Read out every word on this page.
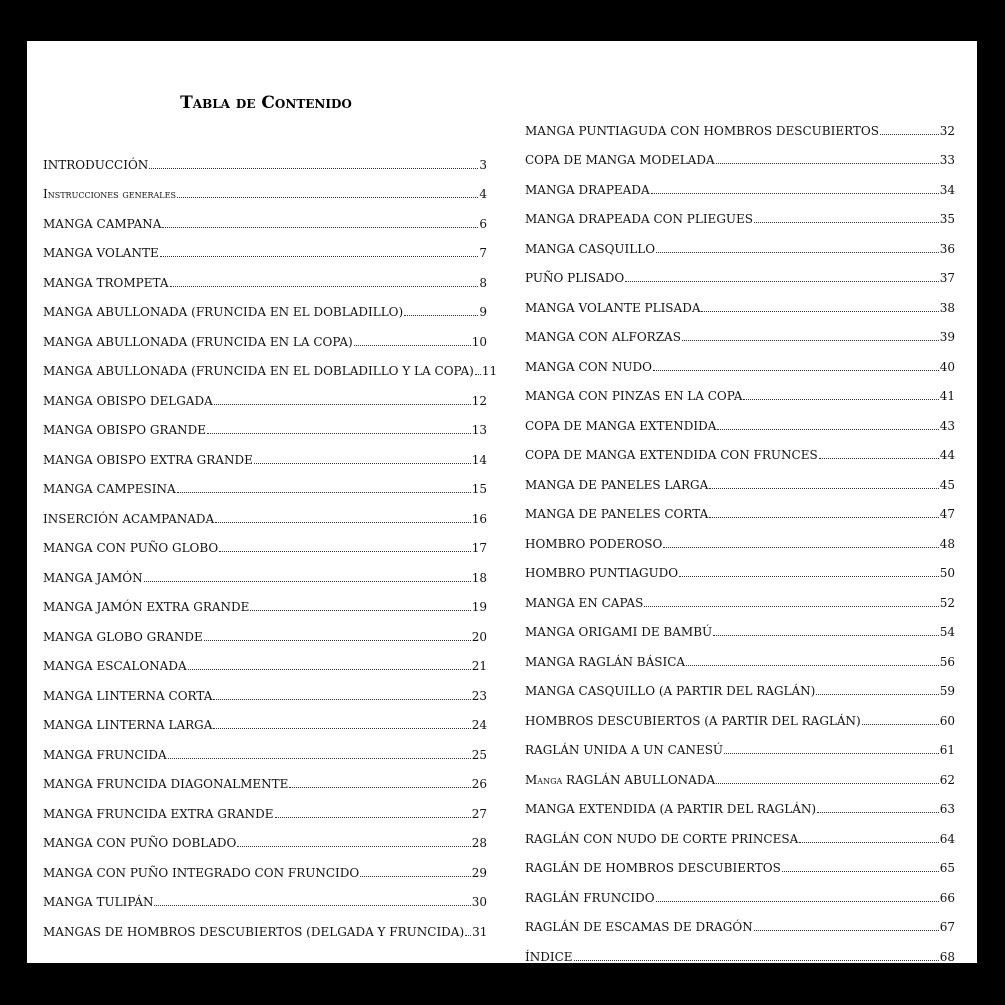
Tabla de Contenido
INTRODUCCIÓN	3
Instrucciones generales	4
MANGA CAMPANA	6
MANGA VOLANTE	7
MANGA TROMPETA	8
MANGA ABULLONADA (FRUNCIDA EN EL DOBLADILLO)	9
MANGA ABULLONADA (FRUNCIDA EN LA COPA)	10
MANGA ABULLONADA (FRUNCIDA EN EL DOBLADILLO Y LA COPA) 11
MANGA OBISPO DELGADA	12
MANGA OBISPO GRANDE	13
MANGA OBISPO EXTRA GRANDE	14
MANGA CAMPESINA	15
INSERCIÓN ACAMPANADA	16
MANGA CON PUÑO GLOBO	17
MANGA JAMÓN	18
MANGA JAMÓN EXTRA GRANDE	19
MANGA GLOBO GRANDE	20
MANGA ESCALONADA	21
MANGA LINTERNA CORTA	23
MANGA LINTERNA LARGA	24
MANGA FRUNCIDA	25
MANGA FRUNCIDA DIAGONALMENTE	26
MANGA FRUNCIDA EXTRA GRANDE	27
MANGA CON PUÑO DOBLADO	28
MANGA CON PUÑO INTEGRADO CON FRUNCIDO	29
MANGA TULIPÁN	30
MANGAS DE HOMBROS DESCUBIERTOS (DELGADA Y FRUNCIDA) 31
MANGA PUNTIAGUDA CON HOMBROS DESCUBIERTOS	32
COPA DE MANGA MODELADA	33
MANGA DRAPEADA	34
MANGA DRAPEADA CON PLIEGUES	35
MANGA CASQUILLO	36
PUÑO PLISADO	37
MANGA VOLANTE PLISADA	38
MANGA CON ALFORZAS	39
MANGA CON NUDO	40
MANGA CON PINZAS EN LA COPA	41
COPA DE MANGA EXTENDIDA	43
COPA DE MANGA EXTENDIDA CON FRUNCES	44
MANGA DE PANELES LARGA	45
MANGA DE PANELES CORTA	47
HOMBRO PODEROSO	48
HOMBRO PUNTIAGUDO	50
MANGA EN CAPAS	52
MANGA ORIGAMI DE BAMBÚ	54
MANGA RAGLÁN BÁSICA	56
MANGA CASQUILLO (A PARTIR DEL RAGLÁN)	59
HOMBROS DESCUBIERTOS (A PARTIR DEL RAGLÁN)	60
RAGLÁN UNIDA A UN CANESÚ	61
Manga RAGLÁN ABULLONADA	62
MANGA EXTENDIDA (A PARTIR DEL RAGLÁN)	63
RAGLÁN CON NUDO DE CORTE PRINCESA	64
RAGLÁN DE HOMBROS DESCUBIERTOS	65
RAGLÁN FRUNCIDO	66
RAGLÁN DE ESCAMAS DE DRAGÓN	67
ÍNDICE	68
